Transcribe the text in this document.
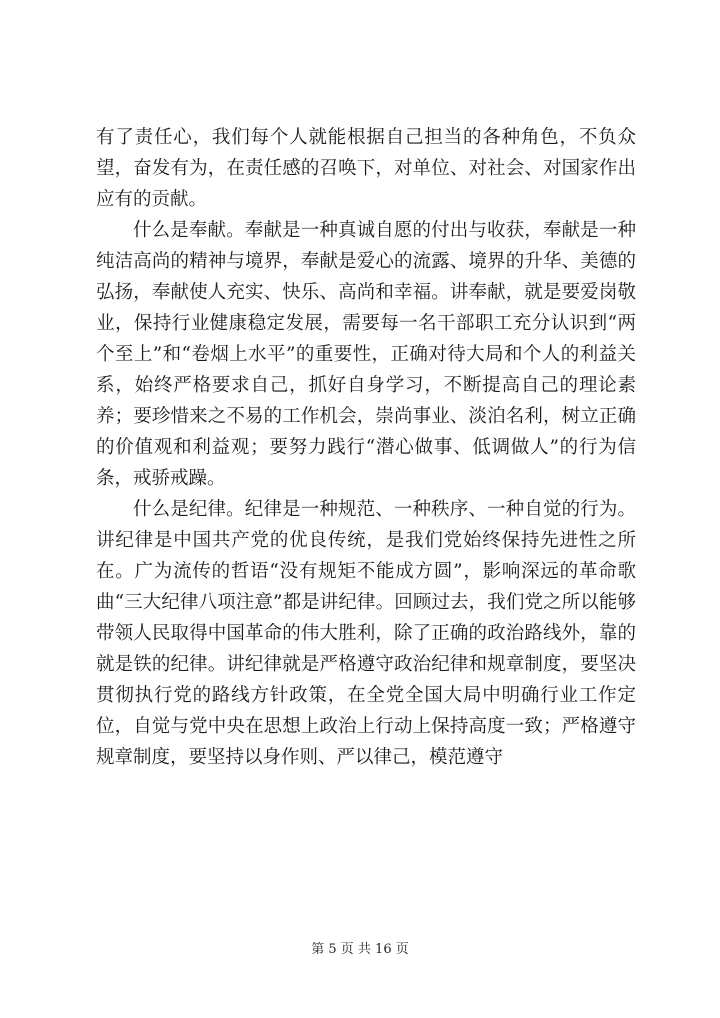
有了责任心，我们每个人就能根据自己担当的各种角色，不负众望，奋发有为，在责任感的召唤下，对单位、对社会、对国家作出应有的贡献。

什么是奉献。奉献是一种真诚自愿的付出与收获，奉献是一种纯洁高尚的精神与境界，奉献是爱心的流露、境界的升华、美德的弘扬，奉献使人充实、快乐、高尚和幸福。讲奉献，就是要爱岗敬业，保持行业健康稳定发展，需要每一名干部职工充分认识到“两个至上”和“卷烟上水平”的重要性，正确对待大局和个人的利益关系，始终严格要求自己，抓好自身学习，不断提高自己的理论素养；要珍惜来之不易的工作机会，崇尚事业、淡泊名利，树立正确的价值观和利益观；要努力践行“潜心做事、低调做人”的行为信条，戒骄戒躁。

什么是纪律。纪律是一种规范、一种秩序、一种自觉的行为。讲纪律是中国共产党的优良传统，是我们党始终保持先进性之所在。广为流传的哲语“没有规矩不能成方圆”，影响深远的革命歌曲“三大纪律八项注意”都是讲纪律。回顾过去，我们党之所以能够带领人民取得中国革命的伟大胜利，除了正确的政治路线外，靠的就是铁的纪律。讲纪律就是严格遵守政治纪律和规章制度，要坚决贯彻执行党的路线方针政策，在全党全国大局中明确行业工作定位，自觉与党中央在思想上政治上行动上保持高度一致；严格遵守规章制度，要坚持以身作则、严以律己，模范遵守

第 5 页 共 16 页
